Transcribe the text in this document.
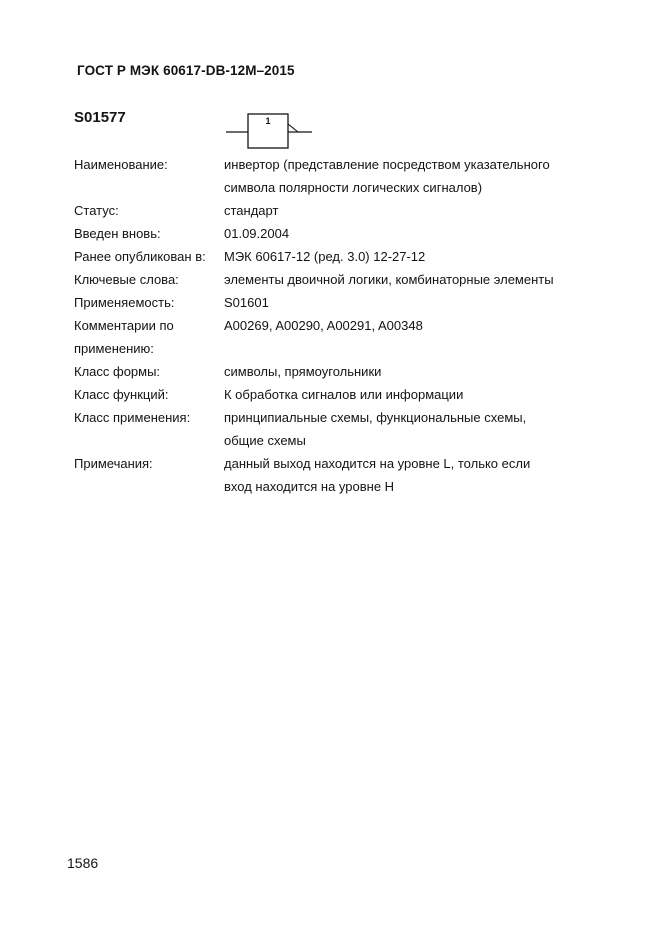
ГОСТ Р МЭК 60617-DB-12M–2015
S01577	1
Наименование:	инвертор (представление посредством указательного
символа полярности логических сигналов)
Статус:	стандарт
Введен вновь:	01.09.2004
Ранее опубликован в:	МЭК 60617-12 (ред. 3.0) 12-27-12
Ключевые слова:	элементы двоичной логики, комбинаторные элементы
Применяемость:	S01601
Комментарии по
применению:
A00269, A00290, A00291, A00348
Класс формы:	символы, прямоугольники
Класс функций:	К обработка сигналов или информации
Класс применения:	принципиальные схемы, функциональные схемы,
общие схемы
Примечания:	данный выход находится на уровне L, только если
вход находится на уровне H
1586
